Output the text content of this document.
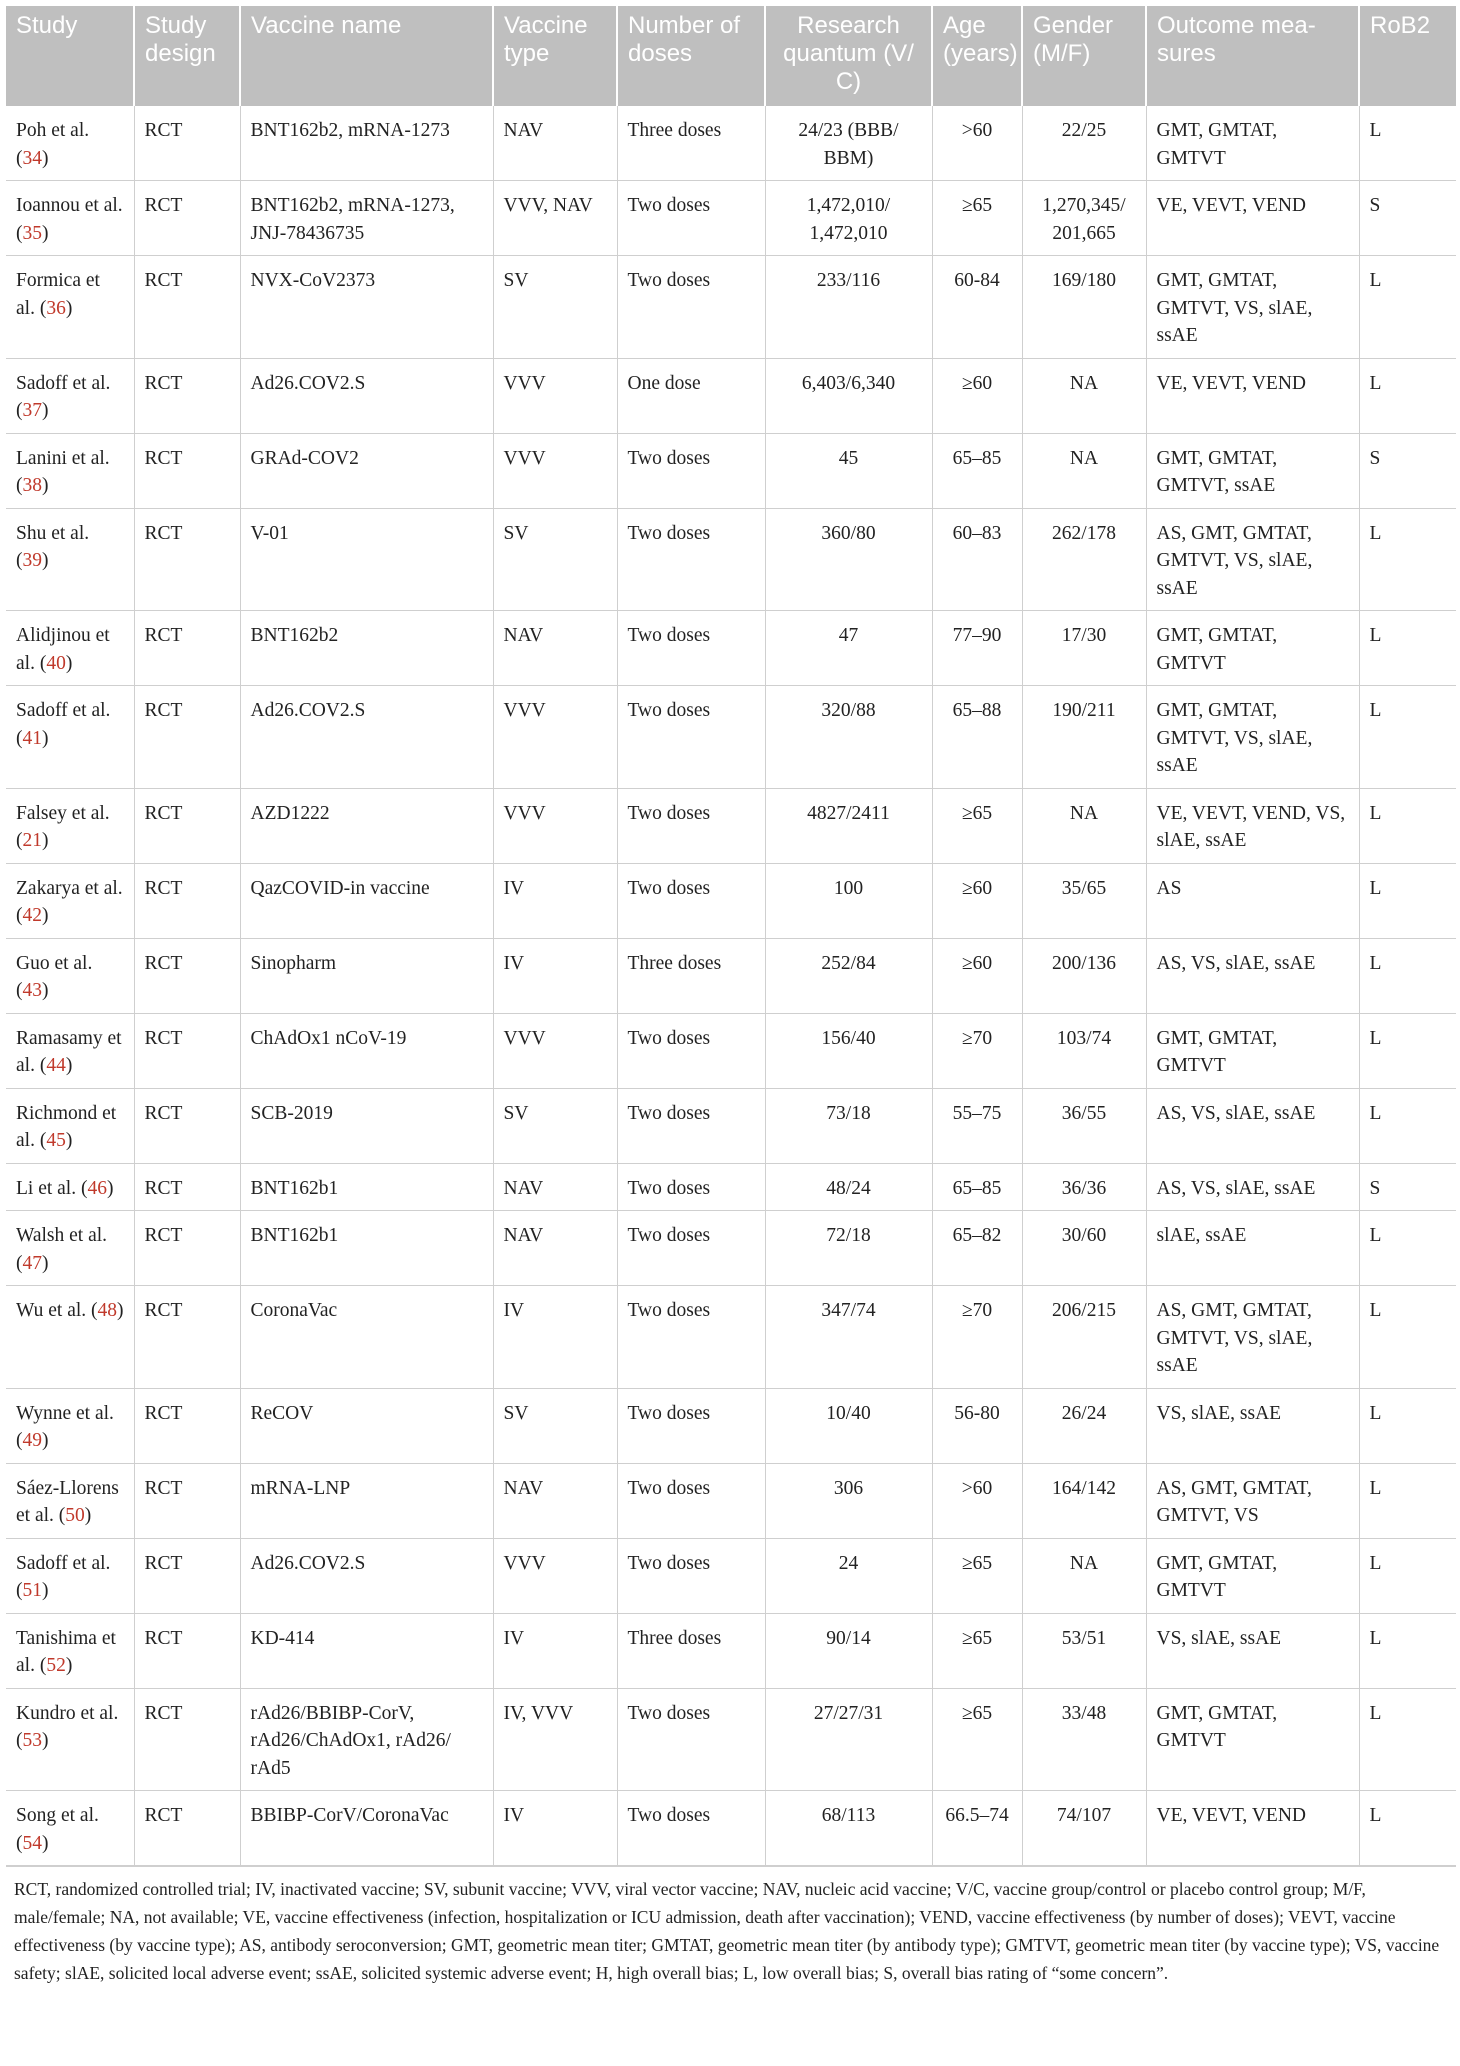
Study	Study design	Vaccine name	Vaccine type	Number of doses	Research quantum (V/ C)	Age (years)	Gender (M/F)	Outcome mea- sures	RoB2
Poh et al. (34)	RCT	BNT162b2, mRNA-1273	NAV	Three doses	24/23 (BBB/ BBM)	>60	22/25	GMT, GMTAT, GMTVT	L
Ioannou et al. (35)	RCT	BNT162b2, mRNA-1273, JNJ-78436735	VVV, NAV	Two doses	1,472,010/ 1,472,010	≥65	1,270,345/ 201,665	VE, VEVT, VEND	S
Formica et al. (36)	RCT	NVX-CoV2373	SV	Two doses	233/116	60-84	169/180	GMT, GMTAT, GMTVT, VS, slAE, ssAE	L
Sadoff et al. (37)	RCT	Ad26.COV2.S	VVV	One dose	6,403/6,340	≥60	NA	VE, VEVT, VEND	L
Lanini et al. (38)	RCT	GRAd-COV2	VVV	Two doses	45	65–85	NA	GMT, GMTAT, GMTVT, ssAE	S
Shu et al. (39)	RCT	V-01	SV	Two doses	360/80	60–83	262/178	AS, GMT, GMTAT, GMTVT, VS, slAE, ssAE	L
Alidjinou et al. (40)	RCT	BNT162b2	NAV	Two doses	47	77–90	17/30	GMT, GMTAT, GMTVT	L
Sadoff et al. (41)	RCT	Ad26.COV2.S	VVV	Two doses	320/88	65–88	190/211	GMT, GMTAT, GMTVT, VS, slAE, ssAE	L
Falsey et al. (21)	RCT	AZD1222	VVV	Two doses	4827/2411	≥65	NA	VE, VEVT, VEND, VS, slAE, ssAE	L
Zakarya et al. (42)	RCT	QazCOVID-in vaccine	IV	Two doses	100	≥60	35/65	AS	L
Guo et al. (43)	RCT	Sinopharm	IV	Three doses	252/84	≥60	200/136	AS, VS, slAE, ssAE	L
Ramasamy et al. (44)	RCT	ChAdOx1 nCoV-19	VVV	Two doses	156/40	≥70	103/74	GMT, GMTAT, GMTVT	L
Richmond et al. (45)	RCT	SCB-2019	SV	Two doses	73/18	55–75	36/55	AS, VS, slAE, ssAE	L
Li et al. (46)	RCT	BNT162b1	NAV	Two doses	48/24	65–85	36/36	AS, VS, slAE, ssAE	S
Walsh et al. (47)	RCT	BNT162b1	NAV	Two doses	72/18	65–82	30/60	slAE, ssAE	L
Wu et al. (48)	RCT	CoronaVac	IV	Two doses	347/74	≥70	206/215	AS, GMT, GMTAT, GMTVT, VS, slAE, ssAE	L
Wynne et al. (49)	RCT	ReCOV	SV	Two doses	10/40	56-80	26/24	VS, slAE, ssAE	L
Sáez-Llorens et al. (50)	RCT	mRNA-LNP	NAV	Two doses	306	>60	164/142	AS, GMT, GMTAT, GMTVT, VS	L
Sadoff et al. (51)	RCT	Ad26.COV2.S	VVV	Two doses	24	≥65	NA	GMT, GMTAT, GMTVT	L
Tanishima et al. (52)	RCT	KD-414	IV	Three doses	90/14	≥65	53/51	VS, slAE, ssAE	L
Kundro et al. (53)	RCT	rAd26/BBIBP-CorV, rAd26/ChAdOx1, rAd26/ rAd5	IV, VVV	Two doses	27/27/31	≥65	33/48	GMT, GMTAT, GMTVT	L
Song et al. (54)	RCT	BBIBP-CorV/CoronaVac	IV	Two doses	68/113	66.5–74	74/107	VE, VEVT, VEND	L
RCT, randomized controlled trial; IV, inactivated vaccine; SV, subunit vaccine; VVV, viral vector vaccine; NAV, nucleic acid vaccine; V/C, vaccine group/control or placebo control group; M/F, male/female; NA, not available; VE, vaccine effectiveness (infection, hospitalization or ICU admission, death after vaccination); VEND, vaccine effectiveness (by number of doses); VEVT, vaccine effectiveness (by vaccine type); AS, antibody seroconversion; GMT, geometric mean titer; GMTAT, geometric mean titer (by antibody type); GMTVT, geometric mean titer (by vaccine type); VS, vaccine safety; slAE, solicited local adverse event; ssAE, solicited systemic adverse event; H, high overall bias; L, low overall bias; S, overall bias rating of “some concern”.
